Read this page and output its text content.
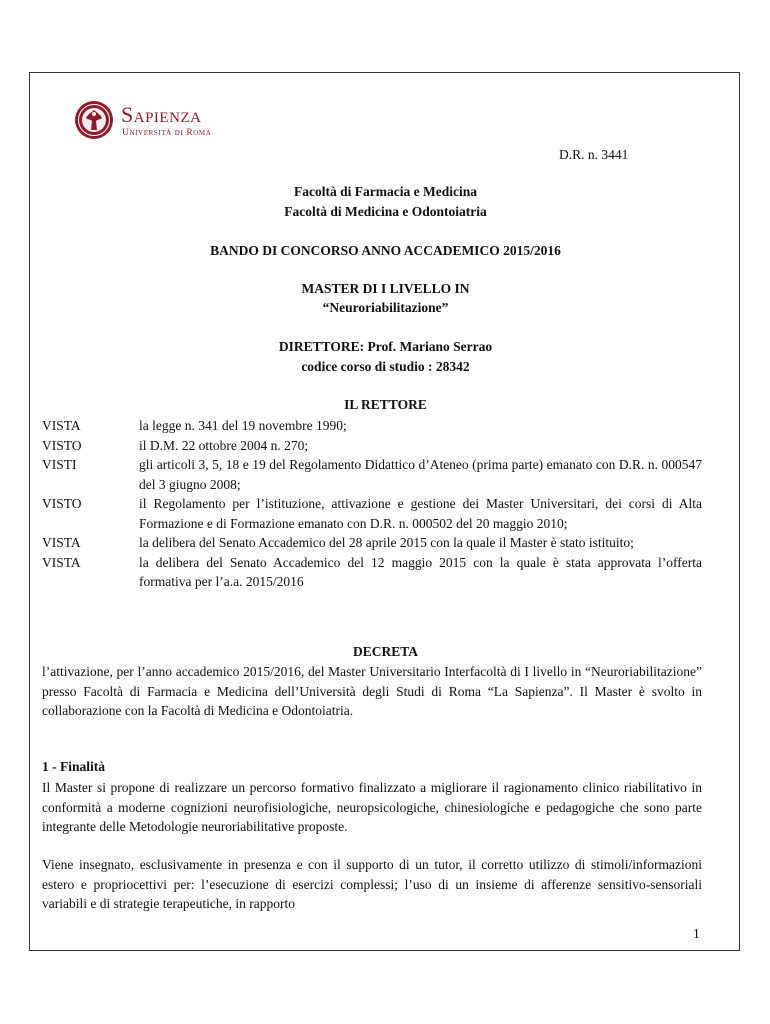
Sapienza
Università di Roma
D.R. n. 3441
Facoltà di Farmacia e Medicina
Facoltà di Medicina e Odontoiatria
BANDO DI CONCORSO ANNO ACCADEMICO 2015/2016
MASTER DI I LIVELLO IN
“Neuroriabilitazione”
DIRETTORE: Prof. Mariano Serrao
codice corso di studio : 28342
IL RETTORE
VISTA	la legge n. 341 del 19 novembre 1990;
VISTO	il D.M. 22 ottobre 2004 n. 270;
VISTI	gli articoli 3, 5, 18 e 19 del Regolamento Didattico d’Ateneo (prima parte) emanato con D.R. n. 000547 del 3 giugno 2008;
VISTO	il Regolamento per l’istituzione, attivazione e gestione dei Master Universitari, dei corsi di Alta Formazione e di Formazione emanato con D.R. n. 000502 del 20 maggio 2010;
VISTA	la delibera del Senato Accademico del 28 aprile 2015 con la quale il Master è stato istituito;
VISTA	la delibera del Senato Accademico del 12 maggio 2015 con la quale è stata approvata l’offerta formativa per l’a.a. 2015/2016
DECRETA
l’attivazione, per l’anno accademico 2015/2016, del Master Universitario Interfacoltà di I livello in “Neuroriabilitazione” presso Facoltà di Farmacia e Medicina dell’Università degli Studi di Roma “La Sapienza”. Il Master è svolto in collaborazione con la Facoltà di Medicina e Odontoiatria.
1 - Finalità
Il Master si propone di realizzare un percorso formativo finalizzato a migliorare il ragionamento clinico riabilitativo in conformità a moderne cognizioni neurofisiologiche, neuropsicologiche, chinesiologiche e pedagogiche che sono parte integrante delle Metodologie neuroriabilitative proposte.
Viene insegnato, esclusivamente in presenza e con il supporto di un tutor, il corretto utilizzo di stimoli/informazioni estero e propriocettivi per: l’esecuzione di esercizi complessi; l’uso di un insieme di afferenze sensitivo-sensoriali variabili e di strategie terapeutiche, in rapporto
1
